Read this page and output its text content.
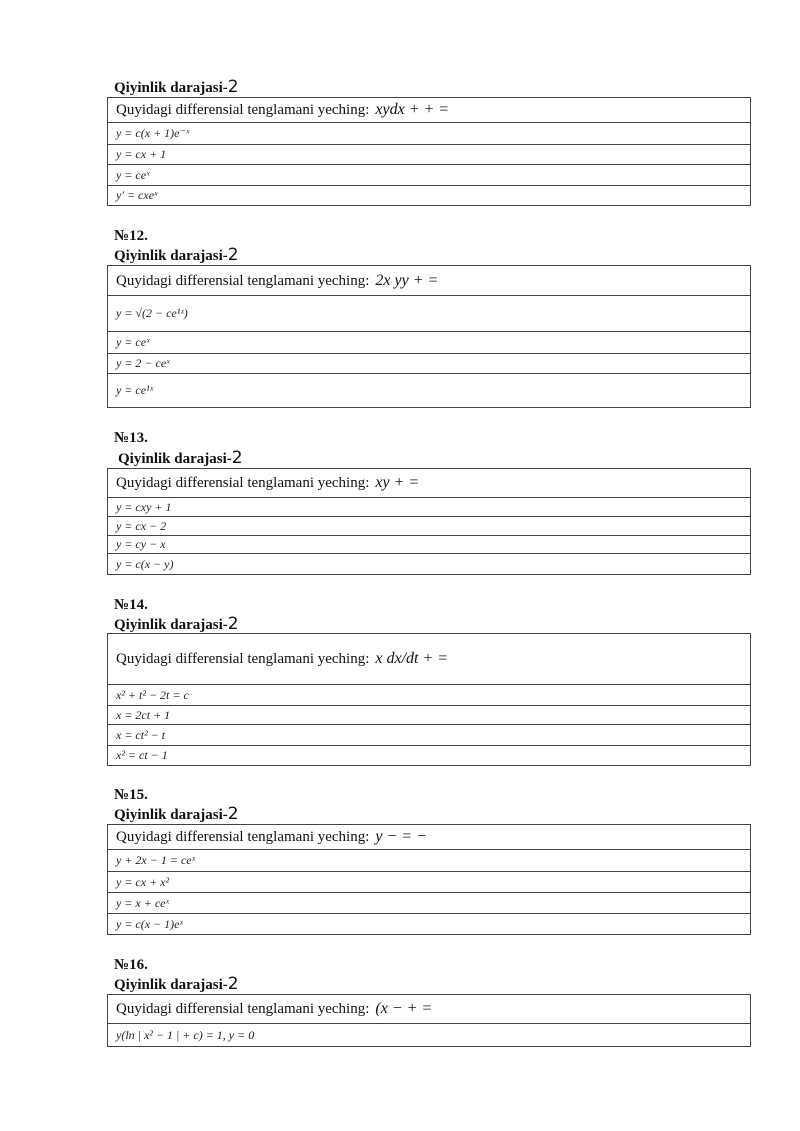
Qiyinlik darajasi-2
Quyidagi differensial tenglamani yeching: xydx + + =
y = c(x + 1)e⁻ˣ
y = cx + 1
y = ceˣ
y′ = cxeˣ
№12.
Qiyinlik darajasi-2
Quyidagi differensial tenglamani yeching: 2x yy + =
y = √(2 − ce¹ˣ)
y = ceˣ
y = 2 − ceˣ
y = ce¹ˣ
№13.
Qiyinlik darajasi-2
Quyidagi differensial tenglamani yeching: xy + =
y = cxy + 1
y = cx − 2
y = cy − x
y = c(x − y)
№14.
Qiyinlik darajasi-2
Quyidagi differensial tenglamani yeching: x dx/dt + =
x² + t² − 2t = c
x = 2ct + 1
x = ct² − t
x² = ct − 1
№15.
Qiyinlik darajasi-2
Quyidagi differensial tenglamani yeching: y − = −
y + 2x − 1 = ceˣ
y = cx + x²
y = x + ceˣ
y = c(x − 1)eˣ
№16.
Qiyinlik darajasi-2
Quyidagi differensial tenglamani yeching: (x − + =
y(ln | x² − 1 | + c) = 1, y = 0
